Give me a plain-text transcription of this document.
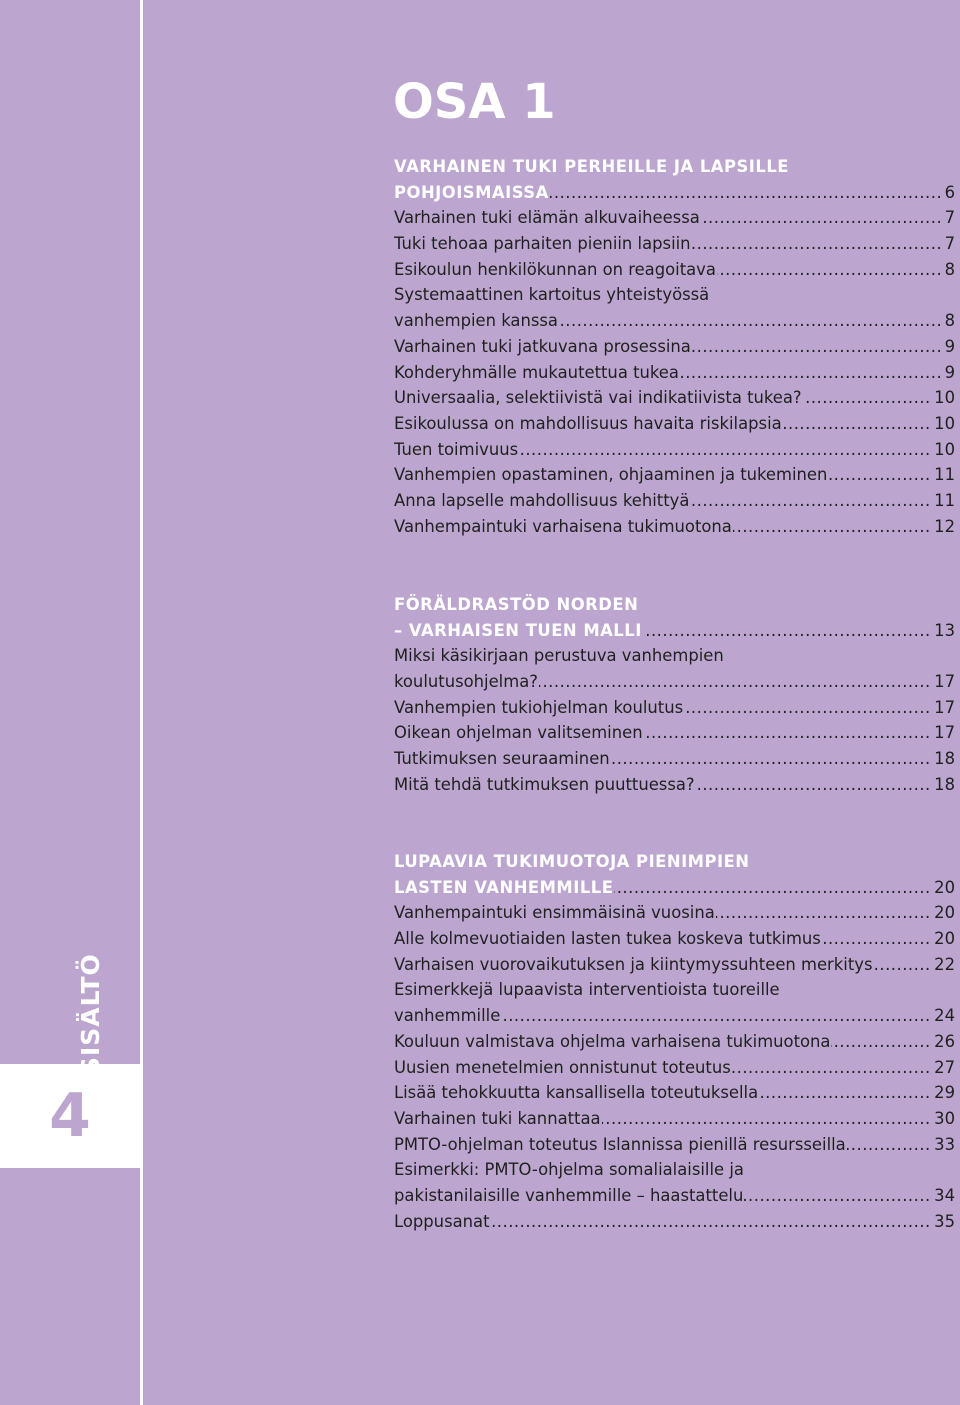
4
SISÄLTÖ
OSA 1
VARHAINEN TUKI PERHEILLE JA LAPSILLE
POHJOISMAISSA	6
.....
Varhainen tuki elämän alkuvaiheessa	7
.....
Tuki tehoaa parhaiten pieniin lapsiin	7
.....
Esikoulun henkilökunnan on reagoitava	8
.....
Systemaattinen kartoitus yhteistyössä
vanhempien kanssa	8
.....
Varhainen tuki jatkuvana prosessina	9
.....
Kohderyhmälle mukautettua tukea	9
.....
Universaalia, selektiivistä vai indikatiivista tukea?	10
.....
Esikoulussa on mahdollisuus havaita riskilapsia	10
.....
Tuen toimivuus	10
.....
Vanhempien opastaminen, ohjaaminen ja tukeminen	11
.....
Anna lapselle mahdollisuus kehittyä	11
.....
Vanhempaintuki varhaisena tukimuotona	12
.....
FÖRÄLDRASTÖD NORDEN
– VARHAISEN TUEN MALLI	13
.....
Miksi käsikirjaan perustuva vanhempien
koulutusohjelma?	17
.....
Vanhempien tukiohjelman koulutus	17
.....
Oikean ohjelman valitseminen	17
.....
Tutkimuksen seuraaminen	18
.....
Mitä tehdä tutkimuksen puuttuessa?	18
.....
LUPAAVIA TUKIMUOTOJA PIENIMPIEN
LASTEN VANHEMMILLE	20
.....
Vanhempaintuki ensimmäisinä vuosina	20
.....
Alle kolmevuotiaiden lasten tukea koskeva tutkimus	20
.....
Varhaisen vuorovaikutuksen ja kiintymyssuhteen merkitys	22
.....
Esimerkkejä lupaavista interventioista tuoreille
vanhemmille	24
.....
Kouluun valmistava ohjelma varhaisena tukimuotona	26
.....
Uusien menetelmien onnistunut toteutus	27
.....
Lisää tehokkuutta kansallisella toteutuksella	29
.....
Varhainen tuki kannattaa	30
.....
PMTO-ohjelman toteutus Islannissa pienillä resursseilla	33
.....
Esimerkki: PMTO-ohjelma somalialaisille ja
pakistanilaisille vanhemmille – haastattelu	34
.....
Loppusanat	35
.....
